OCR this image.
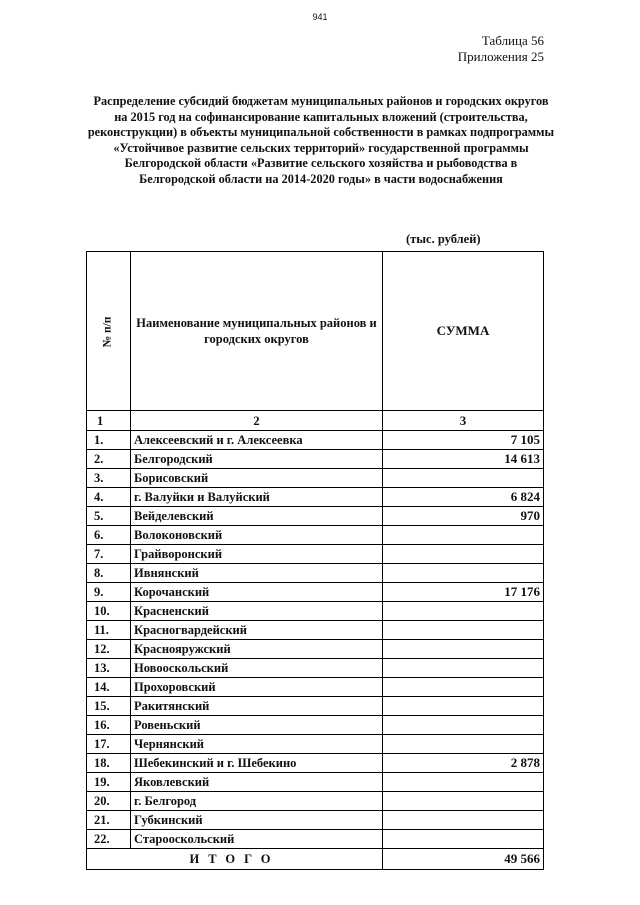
941
Таблица 56
Приложения 25
Распределение субсидий бюджетам муниципальных районов и городских округов на 2015 год на софинансирование капитальных вложений (строительства, реконструкции) в объекты муниципальной собственности в рамках подпрограммы «Устойчивое развитие сельских территорий» государственной программы Белгородской области «Развитие сельского хозяйства и рыбоводства в Белгородской области на 2014-2020 годы» в части водоснабжения
(тыс. рублей)
№ п/п	Наименование муниципальных районов и городских округов	СУММА
1	2	3
1.	Алексеевский и г. Алексеевка	7 105
2.	Белгородский	14 613
3.	Борисовский	
4.	г. Валуйки и Валуйский	6 824
5.	Вейделевский	970
6.	Волоконовский	
7.	Грайворонский	
8.	Ивнянский	
9.	Корочанский	17 176
10.	Красненский	
11.	Красногвардейский	
12.	Краснояружский	
13.	Новооскольский	
14.	Прохоровский	
15.	Ракитянский	
16.	Ровеньский	
17.	Чернянский	
18.	Шебекинский и г. Шебекино	2 878
19.	Яковлевский	
20.	г. Белгород	
21.	Губкинский	
22.	Старооскольский	
ИТОГО		49 566
